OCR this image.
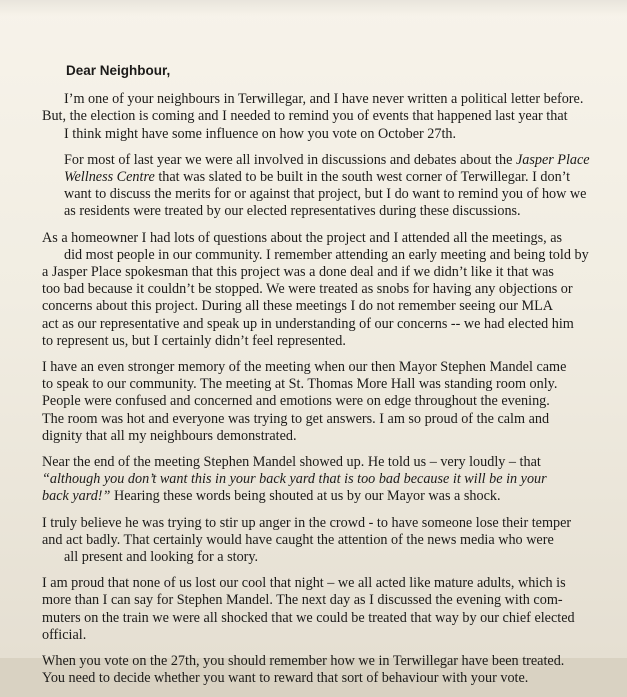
Dear Neighbour,
I’m one of your neighbours in Terwillegar, and I have never written a political letter before.
But, the election is coming and I needed to remind you of events that happened last year that
I think might have some influence on how you vote on October 27th.
For most of last year we were all involved in discussions and debates about the Jasper Place
Wellness Centre that was slated to be built in the south west corner of Terwillegar. I don’t
want to discuss the merits for or against that project, but I do want to remind you of how we
as residents were treated by our elected representatives during these discussions.
As a homeowner I had lots of questions about the project and I attended all the meetings, as
did most people in our community. I remember attending an early meeting and being told by
a Jasper Place spokesman that this project was a done deal and if we didn’t like it that was
too bad because it couldn’t be stopped. We were treated as snobs for having any objections or
concerns about this project. During all these meetings I do not remember seeing our MLA
act as our representative and speak up in understanding of our concerns -- we had elected him
to represent us, but I certainly didn’t feel represented.
I have an even stronger memory of the meeting when our then Mayor Stephen Mandel came
to speak to our community. The meeting at St. Thomas More Hall was standing room only.
People were confused and concerned and emotions were on edge throughout the evening.
The room was hot and everyone was trying to get answers. I am so proud of the calm and
dignity that all my neighbours demonstrated.
Near the end of the meeting Stephen Mandel showed up. He told us – very loudly – that
“although you don’t want this in your back yard that is too bad because it will be in your
back yard!” Hearing these words being shouted at us by our Mayor was a shock.
I truly believe he was trying to stir up anger in the crowd - to have someone lose their temper
and act badly. That certainly would have caught the attention of the news media who were
all present and looking for a story.
I am proud that none of us lost our cool that night – we all acted like mature adults, which is
more than I can say for Stephen Mandel. The next day as I discussed the evening with com-
muters on the train we were all shocked that we could be treated that way by our chief elected
official.
When you vote on the 27th, you should remember how we in Terwillegar have been treated.
You need to decide whether you want to reward that sort of behaviour with your vote.
